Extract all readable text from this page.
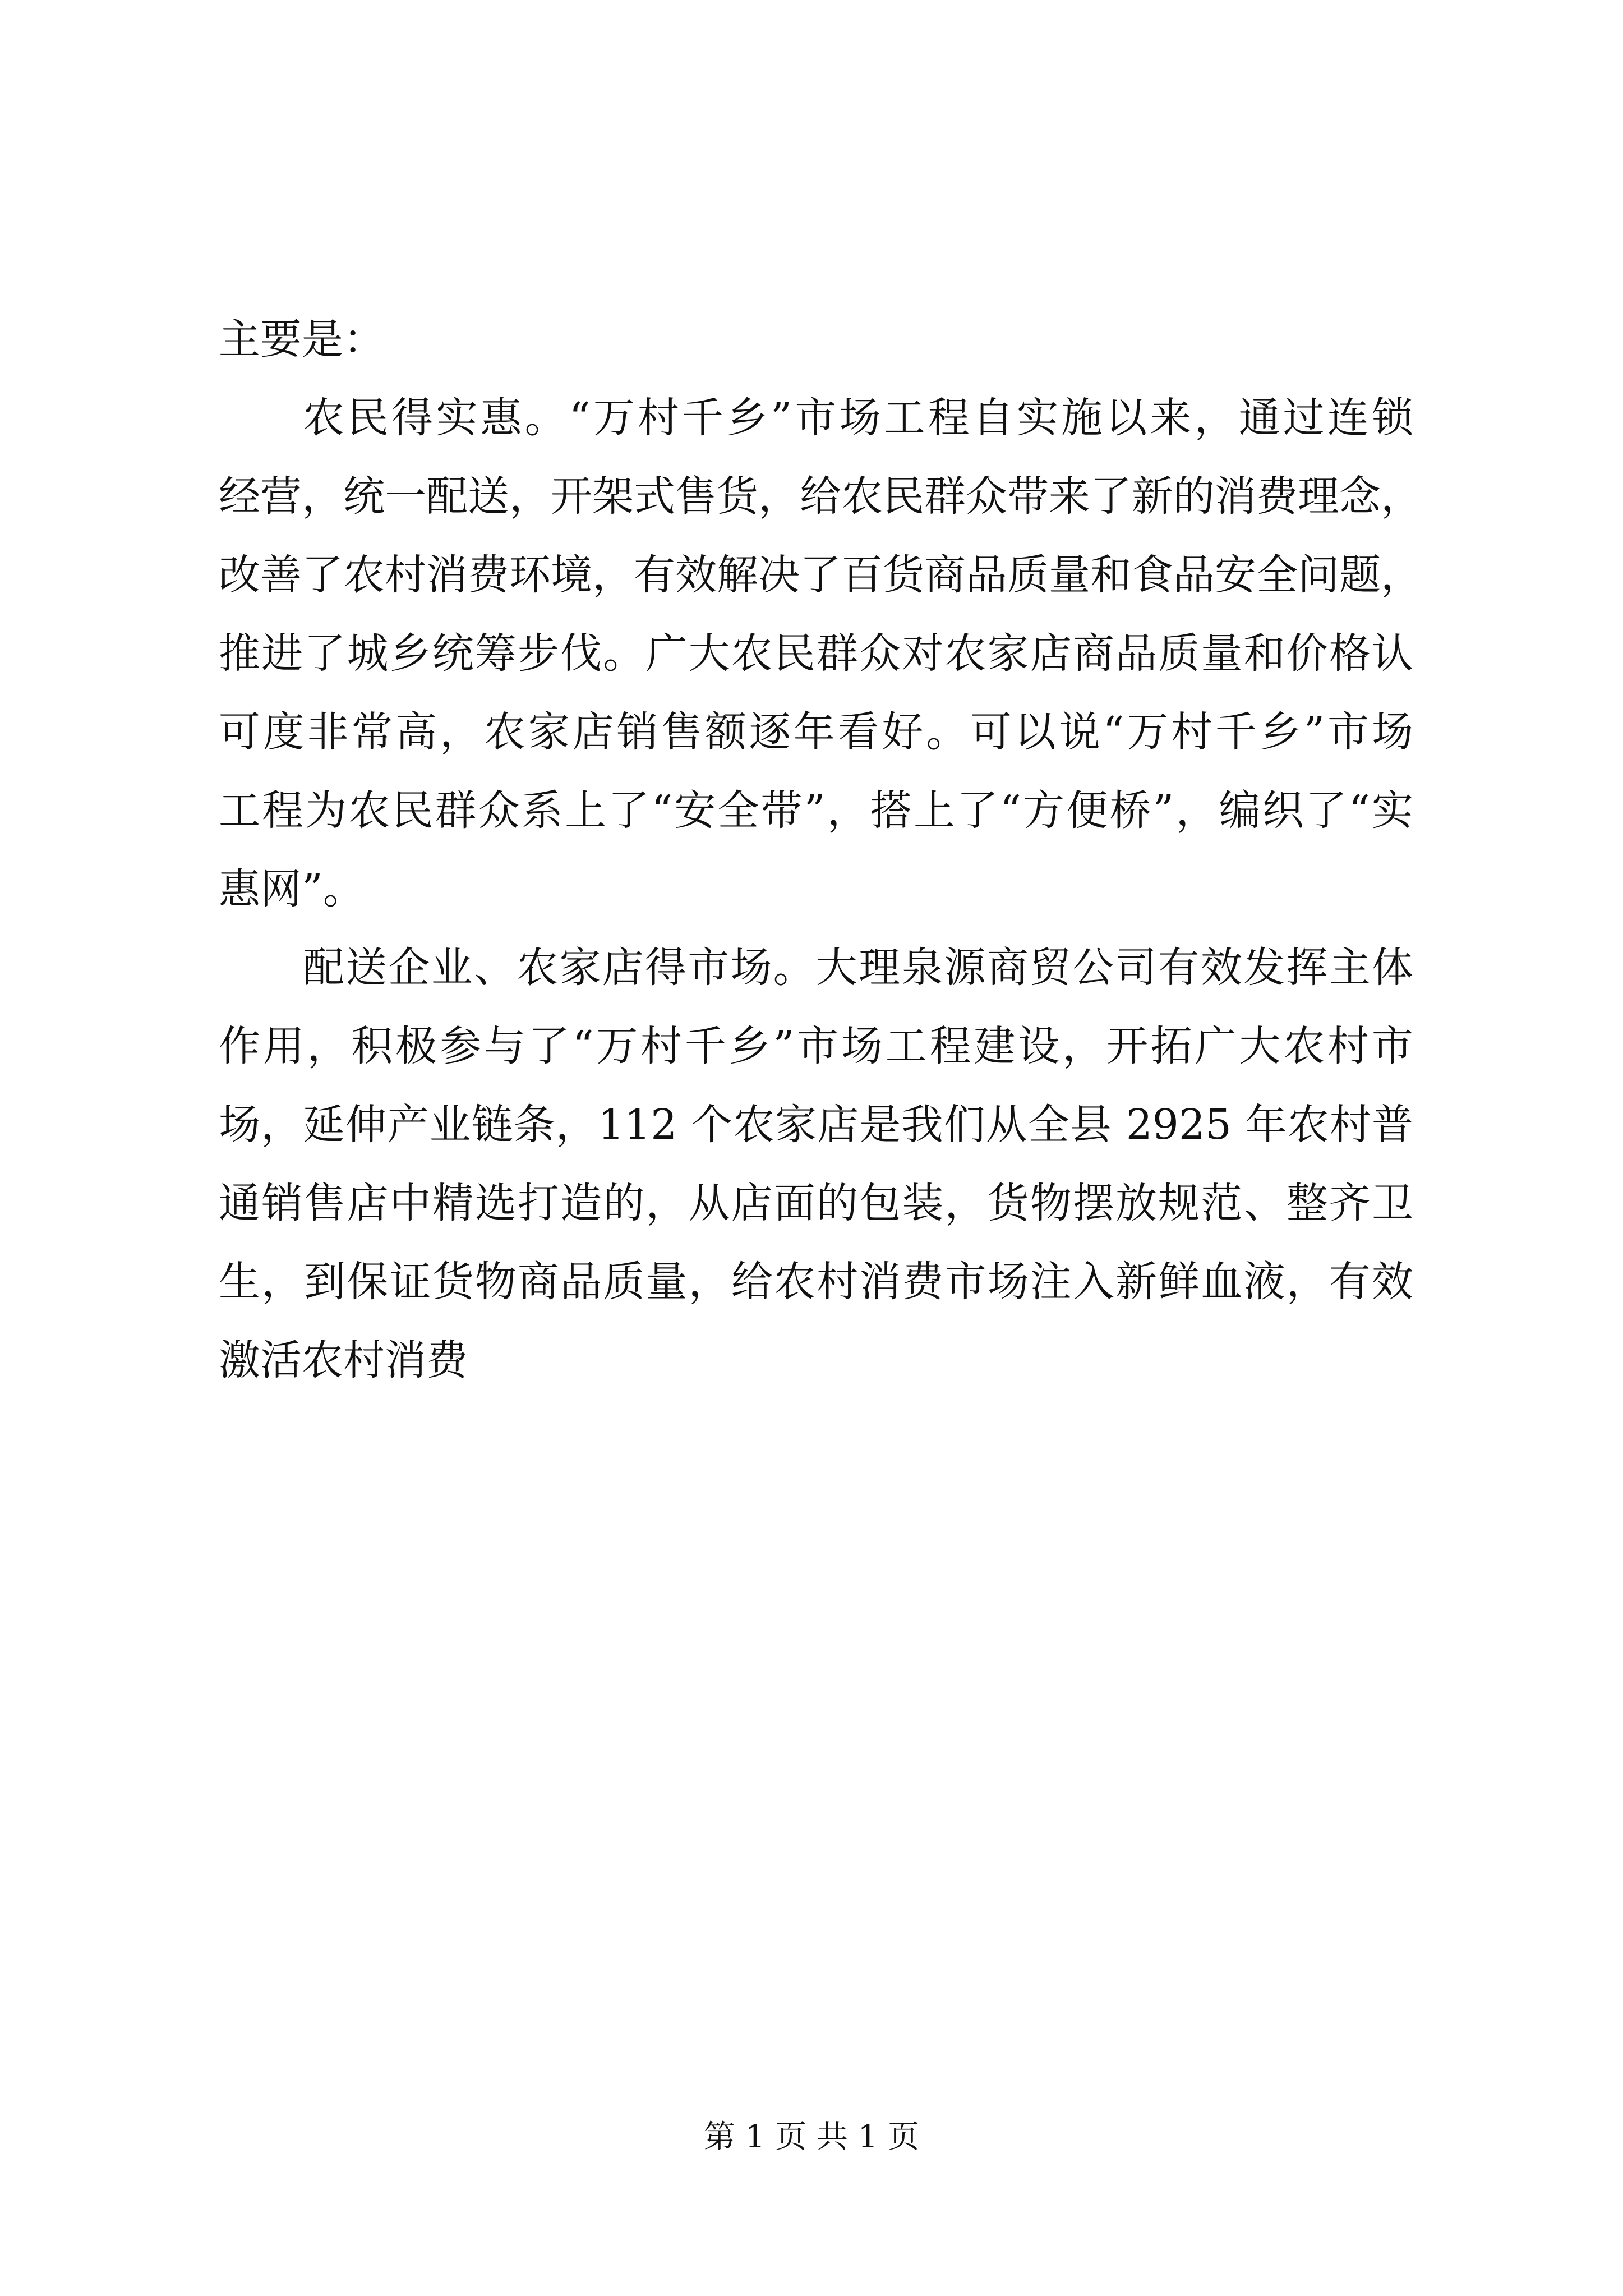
主要是：
农民得实惠。“万村千乡”市场工程自实施以来，通过连锁
经营，统一配送，开架式售货，给农民群众带来了新的消费理念，
改善了农村消费环境，有效解决了百货商品质量和食品安全问题，
推进了城乡统筹步伐。广大农民群众对农家店商品质量和价格认
可度非常高，农家店销售额逐年看好。可以说“万村千乡”市场
工程为农民群众系上了“安全带”，搭上了“方便桥”，编织了“实
惠网”。
配送企业、农家店得市场。大理泉源商贸公司有效发挥主体
作用，积极参与了“万村千乡”市场工程建设，开拓广大农村市
场，延伸产业链条，112 个农家店是我们从全县 2925 年农村普
通销售店中精选打造的，从店面的包装，货物摆放规范、整齐卫
生，到保证货物商品质量，给农村消费市场注入新鲜血液，有效
激活农村消费
第 1 页 共 1 页
